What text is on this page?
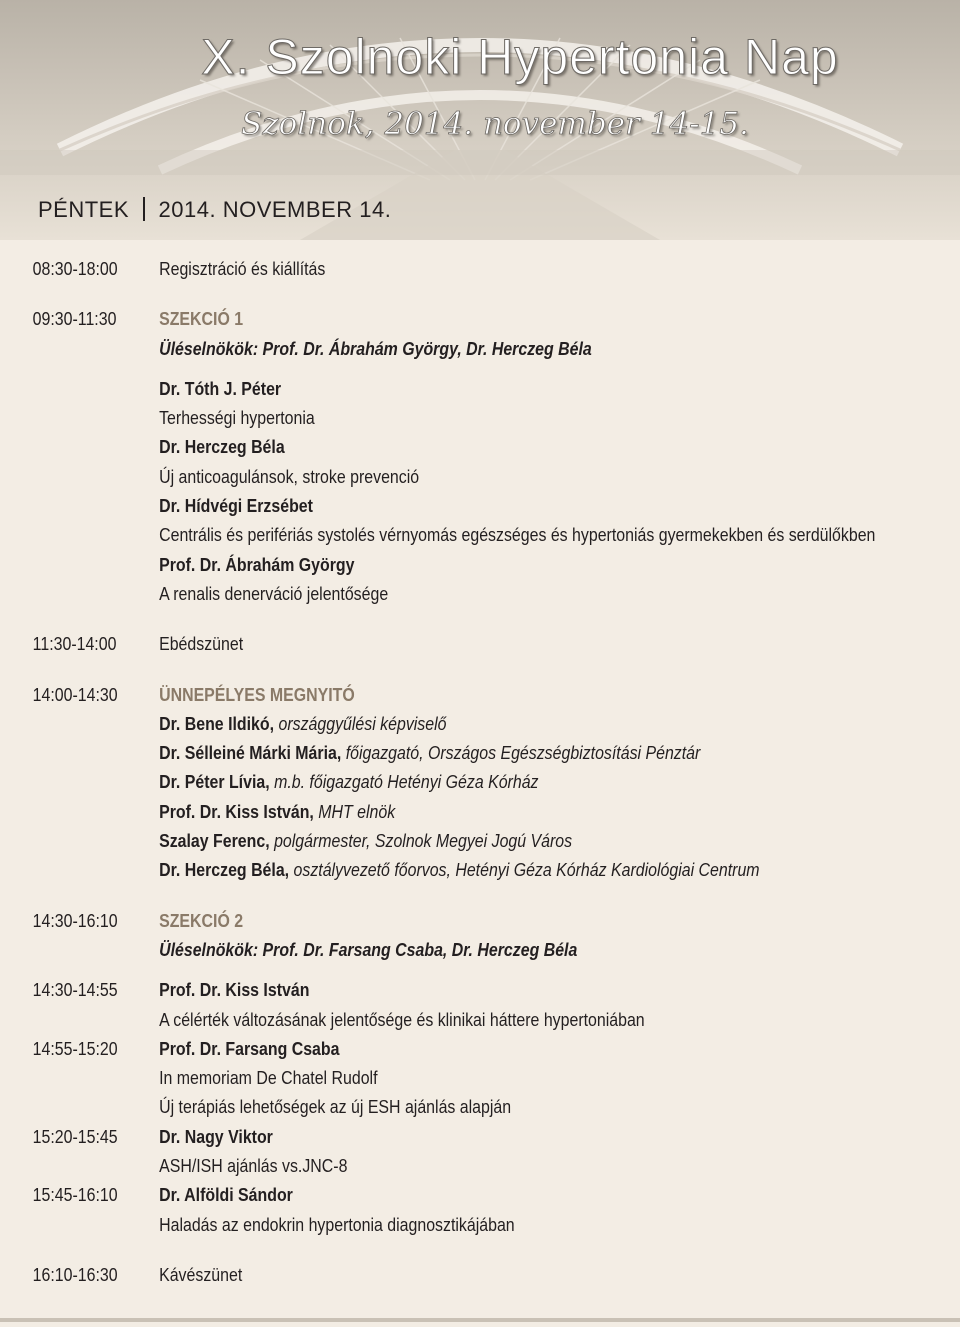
X. Szolnoki Hypertonia Nap
Szolnok, 2014. november 14-15.
PÉNTEK 2014. NOVEMBER 14.
08:30-18:00	Regisztráció és kiállítás
09:30-11:30	SZEKCIÓ 1
Üléselnökök: Prof. Dr. Ábrahám György, Dr. Herczeg Béla
Dr. Tóth J. Péter
Terhességi hypertonia
Dr. Herczeg Béla
Új anticoagulánsok, stroke prevenció
Dr. Hídvégi Erzsébet
Centrális és perifériás systolés vérnyomás egészséges és hypertoniás gyermekekben és serdülőkben
Prof. Dr. Ábrahám György
A renalis denerváció jelentősége
11:30-14:00	Ebédszünet
14:00-14:30	ÜNNEPÉLYES MEGNYITÓ
Dr. Bene Ildikó, országgyűlési képviselő
Dr. Sélleiné Márki Mária, főigazgató, Országos Egészségbiztosítási Pénztár
Dr. Péter Lívia, m.b. főigazgató Hetényi Géza Kórház
Prof. Dr. Kiss István, MHT elnök
Szalay Ferenc, polgármester, Szolnok Megyei Jogú Város
Dr. Herczeg Béla, osztályvezető főorvos, Hetényi Géza Kórház Kardiológiai Centrum
14:30-16:10	SZEKCIÓ 2
Üléselnökök: Prof. Dr. Farsang Csaba, Dr. Herczeg Béla
14:30-14:55	Prof. Dr. Kiss István
A célérték változásának jelentősége és klinikai háttere hypertoniában
14:55-15:20	Prof. Dr. Farsang Csaba
In memoriam De Chatel Rudolf
Új terápiás lehetőségek az új ESH ajánlás alapján
15:20-15:45	Dr. Nagy Viktor
ASH/ISH ajánlás vs.JNC-8
15:45-16:10	Dr. Alföldi Sándor
Haladás az endokrin hypertonia diagnosztikájában
16:10-16:30	Kávészünet
